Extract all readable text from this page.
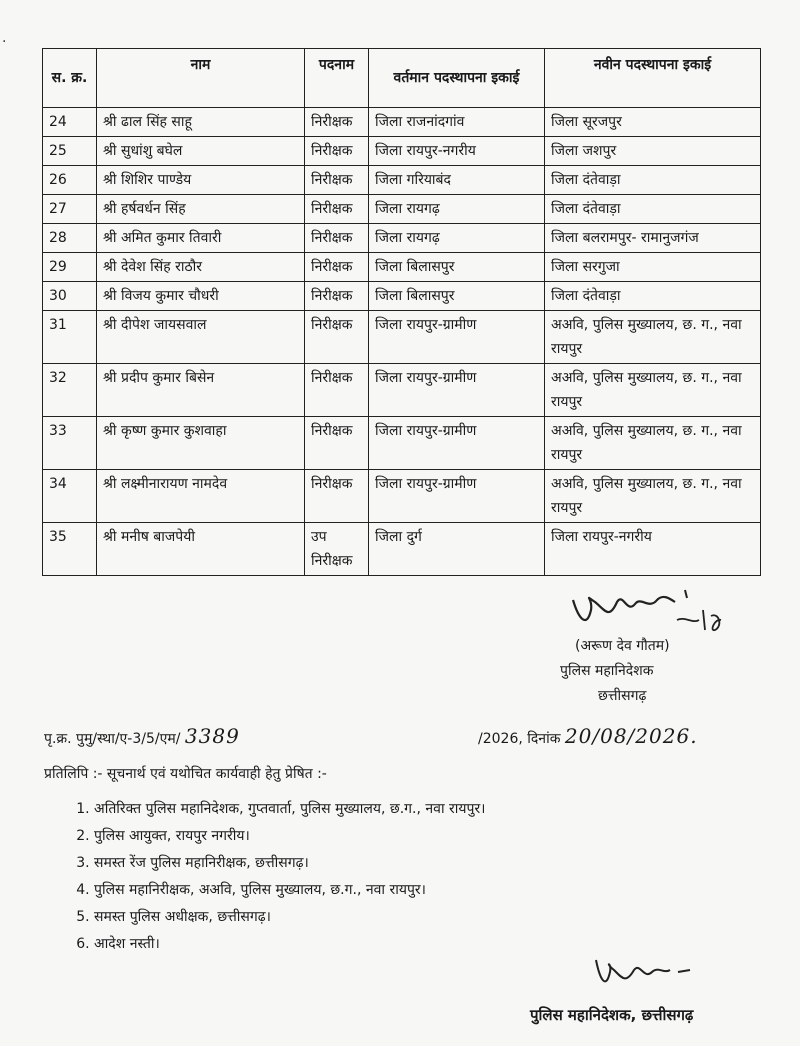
.
स. क्र.	नाम	पदनाम	वर्तमान पदस्थापना इकाई	नवीन पदस्थापना इकाई
24	श्री ढाल सिंह साहू	निरीक्षक	जिला राजनांदगांव	जिला सूरजपुर
25	श्री सुधांशु बघेल	निरीक्षक	जिला रायपुर-नगरीय	जिला जशपुर
26	श्री शिशिर पाण्डेय	निरीक्षक	जिला गरियाबंद	जिला दंतेवाड़ा
27	श्री हर्षवर्धन सिंह	निरीक्षक	जिला रायगढ़	जिला दंतेवाड़ा
28	श्री अमित कुमार तिवारी	निरीक्षक	जिला रायगढ़	जिला बलरामपुर- रामानुजगंज
29	श्री देवेश सिंह राठौर	निरीक्षक	जिला बिलासपुर	जिला सरगुजा
30	श्री विजय कुमार चौधरी	निरीक्षक	जिला बिलासपुर	जिला दंतेवाड़ा
31	श्री दीपेश जायसवाल	निरीक्षक	जिला रायपुर-ग्रामीण	अअवि, पुलिस मुख्यालय, छ. ग., नवा रायपुर
32	श्री प्रदीप कुमार बिसेन	निरीक्षक	जिला रायपुर-ग्रामीण	अअवि, पुलिस मुख्यालय, छ. ग., नवा रायपुर
33	श्री कृष्ण कुमार कुशवाहा	निरीक्षक	जिला रायपुर-ग्रामीण	अअवि, पुलिस मुख्यालय, छ. ग., नवा रायपुर
34	श्री लक्ष्मीनारायण नामदेव	निरीक्षक	जिला रायपुर-ग्रामीण	अअवि, पुलिस मुख्यालय, छ. ग., नवा रायपुर
35	श्री मनीष बाजपेयी	उप निरीक्षक	जिला दुर्ग	जिला रायपुर-नगरीय
(अरूण देव गौतम)
पुलिस महानिदेशक
छत्तीसगढ़
पृ.क्र. पुमु/स्था/ए-3/5/एम/ 3389	/2026, दिनांक 20/08/2026.
प्रतिलिपि :- सूचनार्थ एवं यथोचित कार्यवाही हेतु प्रेषित :-
1. अतिरिक्त पुलिस महानिदेशक, गुप्तवार्ता, पुलिस मुख्यालय, छ.ग., नवा रायपुर।
2. पुलिस आयुक्त, रायपुर नगरीय।
3. समस्त रेंज पुलिस महानिरीक्षक, छत्तीसगढ़।
4. पुलिस महानिरीक्षक, अअवि, पुलिस मुख्यालय, छ.ग., नवा रायपुर।
5. समस्त पुलिस अधीक्षक, छत्तीसगढ़।
6. आदेश नस्ती।
पुलिस महानिदेशक, छत्तीसगढ़
